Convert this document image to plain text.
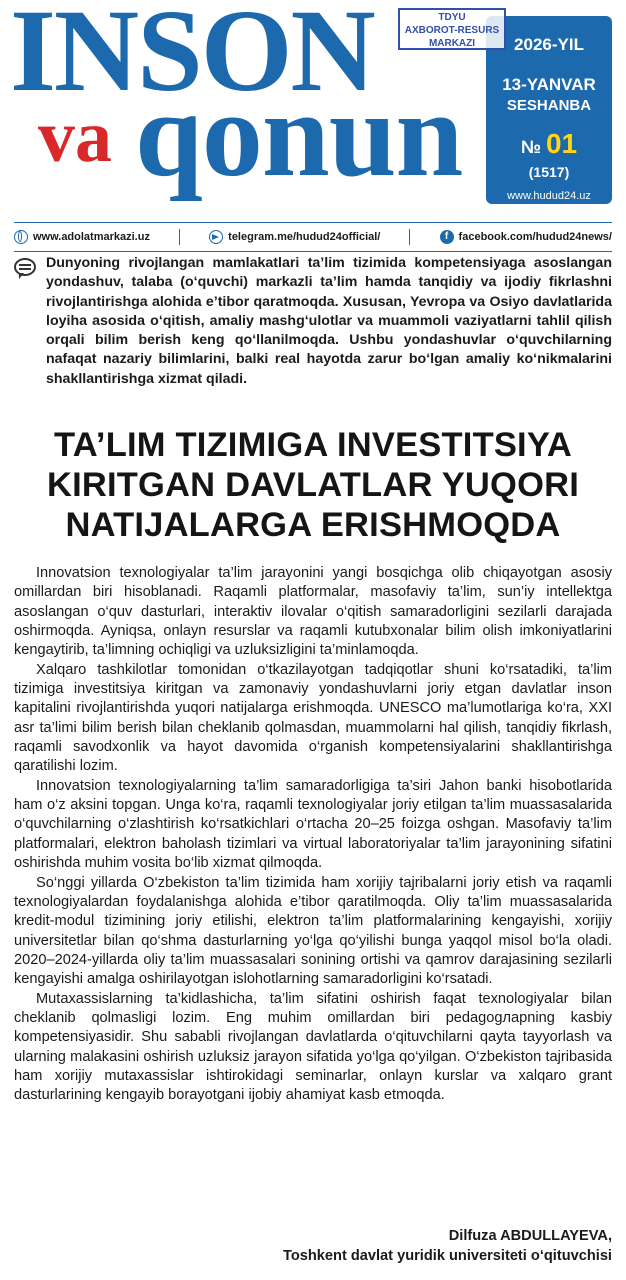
INSON
va qonun
2026-YIL
13-YANVAR
SESHANBA
№ 01
(1517)
www.hudud24.uz
TDYU
AXBOROT-RESURS
MARKAZI
www.adolatmarkazi.uz	telegram.me/hudud24official/	f facebook.com/hudud24news/
Dunyoning rivojlangan mamlakatlari ta’lim tizimida kompetensiyaga asoslangan yondashuv, talaba (o‘quvchi) markazli ta’lim hamda tanqidiy va ijodiy fikrlashni rivojlantirishga alohida e’tibor qaratmoqda. Xususan, Yevropa va Osiyo davlatlarida loyiha asosida o‘qitish, amaliy mashg‘ulotlar va muammoli vaziyatlarni tahlil qilish orqali bilim berish keng qo‘llanilmoqda. Ushbu yondashuvlar o‘quvchilarning nafaqat nazariy bilimlarini, balki real hayotda zarur bo‘lgan amaliy ko‘nikmalarini shakllantirishga xizmat qiladi.
TA’LIM TIZIMIGA INVESTITSIYA KIRITGAN DAVLATLAR YUQORI NATIJALARGA ERISHMOQDA

Innovatsion texnologiyalar ta’lim jarayonini yangi bosqichga olib chiqayotgan asosiy omillardan biri hisoblanadi. Raqamli platformalar, masofaviy ta’lim, sun’iy intellektga asoslangan o‘quv dasturlari, interaktiv ilovalar o‘qitish samaradorligini sezilarli darajada oshirmoqda. Ayniqsa, onlayn resurslar va raqamli kutubxonalar bilim olish imkoniyatlarini kengaytirib, ta’limning ochiqligi va uzluksizligini ta’minlamoqda.

Xalqaro tashkilotlar tomonidan o‘tkazilayotgan tadqiqotlar shuni ko‘rsatadiki, ta’lim tizimiga investitsiya kiritgan va zamonaviy yondashuvlarni joriy etgan davlatlar inson kapitalini rivojlantirishda yuqori natijalarga erishmoqda. UNESCO ma’lumotlariga ko‘ra, XXI asr ta’limi bilim berish bilan cheklanib qolmasdan, muammolarni hal qilish, tanqidiy fikrlash, raqamli savodxonlik va hayot davomida o‘rganish kompetensiyalarini shakllantirishga qaratilishi lozim.

Innovatsion texnologiyalarning ta’lim samaradorligiga ta’siri Jahon banki hisobotlarida ham o‘z aksini topgan. Unga ko‘ra, raqamli texnologiyalar joriy etilgan ta’lim muassasalarida o‘quvchilarning o‘zlashtirish ko‘rsatkichlari o‘rtacha 20–25 foizga oshgan. Masofaviy ta’lim platformalari, elektron baholash tizimlari va virtual laboratoriyalar ta’lim jarayonining sifatini oshirishda muhim vosita bo‘lib xizmat qilmoqda.

So‘nggi yillarda O‘zbekiston ta’lim tizimida ham xorijiy tajribalarni joriy etish va raqamli texnologiyalardan foydalanishga alohida e’tibor qaratilmoqda. Oliy ta’lim muassasalarida kredit-modul tizimining joriy etilishi, elektron ta’lim platformalarining kengayishi, xorijiy universitetlar bilan qo‘shma dasturlarning yo‘lga qo‘yilishi bunga yaqqol misol bo‘la oladi. 2020–2024-yillarda oliy ta’lim muassasalari sonining ortishi va qamrov darajasining sezilarli kengayishi amalga oshirilayotgan islohotlarning samaradorligini ko‘rsatadi.

Mutaxassislarning ta’kidlashicha, ta’lim sifatini oshirish faqat texnologiyalar bilan cheklanib qolmasligi lozim. Eng muhim omillardan biri pedagogларning kasbiy kompetensiyasidir. Shu sababli rivojlangan davlatlarda o‘qituvchilarni qayta tayyorlash va ularning malakasini oshirish uzluksiz jarayon sifatida yo‘lga qo‘yilgan. O‘zbekiston tajribasida ham xorijiy mutaxassislar ishtirokidagi seminarlar, onlayn kurslar va xalqaro grant dasturlarining kengayib borayotgani ijobiy ahamiyat kasb etmoqda.

Dilfuza ABDULLAYEVA,
Toshkent davlat yuridik universiteti o‘qituvchisi
